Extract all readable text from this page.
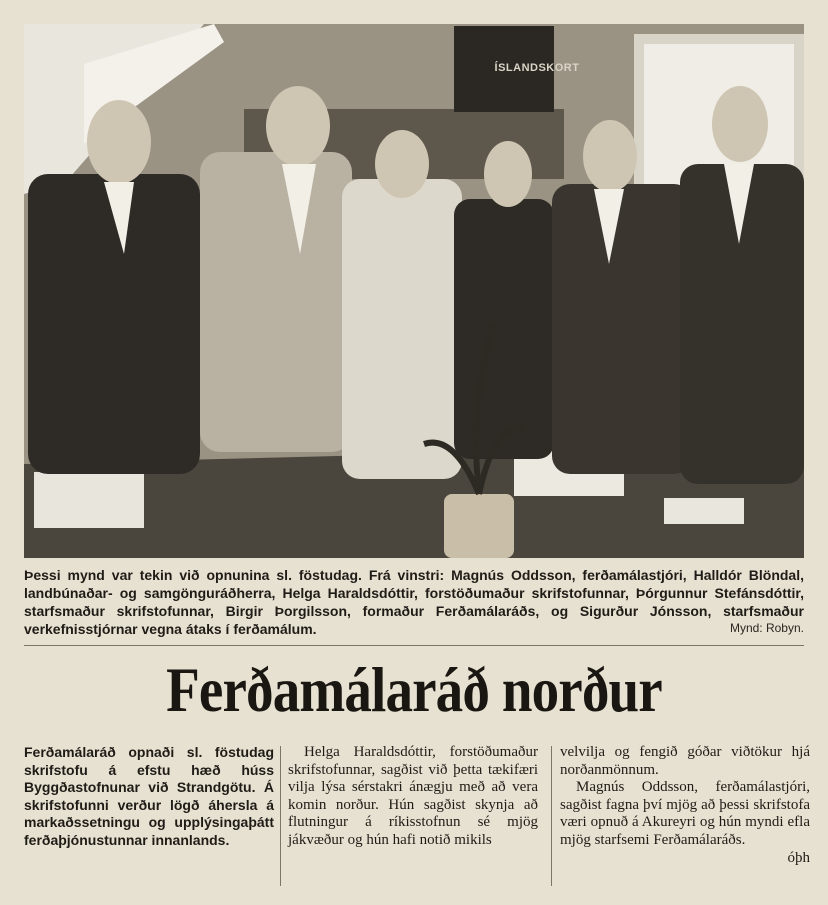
ÍSLANDSKORT
Þessi mynd var tekin við opnunina sl. föstudag. Frá vinstri: Magnús Oddsson, ferðamálastjóri, Halldór Blöndal, landbúnaðar- og samgönguráðherra, Helga Haraldsdóttir, forstöðumaður skrifstofunnar, Þórgunnur Stefánsdóttir, starfsmaður skrifstofunnar, Birgir Þorgilsson, formaður Ferðamálaráðs, og Sigurður Jónsson, starfsmaður verkefnisstjórnar vegna átaks í ferðamálum.	Mynd: Robyn.
Ferðamálaráð norður
Ferðamálaráð opnaði sl. föstudag skrifstofu á efstu hæð húss Byggðastofnunar við Strandgötu. Á skrifstofunni verður lögð áhersla á markaðssetningu og upplýsingaþátt ferðaþjónustunnar innanlands.
Helga Haraldsdóttir, forstöðumaður skrifstofunnar, sagðist við þetta tækifæri vilja lýsa sérstakri ánægju með að vera komin norður. Hún sagðist skynja að flutningur á ríkisstofnun sé mjög jákvæður og hún hafi notið mikils
velvilja og fengið góðar viðtökur hjá norðanmönnum.
Magnús Oddsson, ferðamálastjóri, sagðist fagna því mjög að þessi skrifstofa væri opnuð á Akureyri og hún myndi efla mjög starfsemi Ferðamálaráðs.
óþh
